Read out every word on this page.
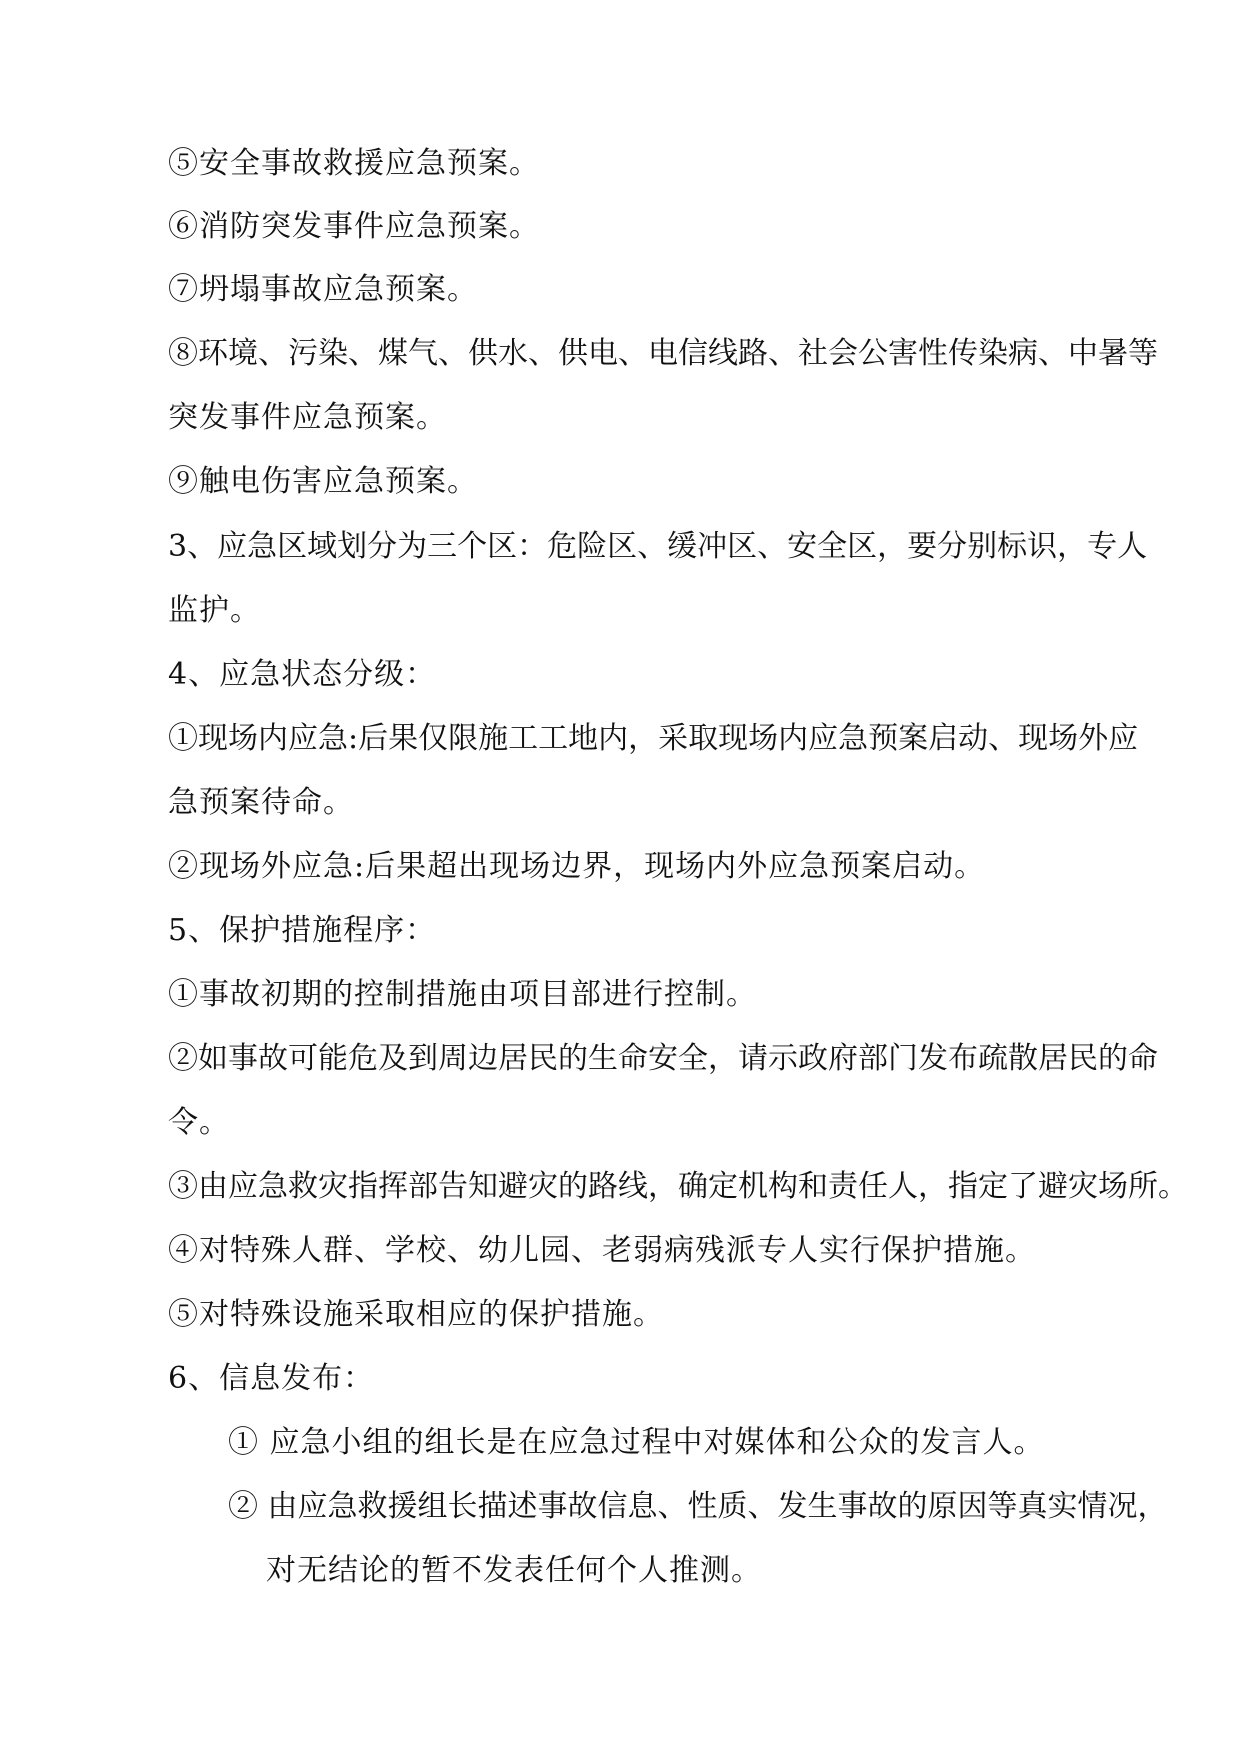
⑤安全事故救援应急预案。
⑥消防突发事件应急预案。
⑦坍塌事故应急预案。
⑧环境、污染、煤气、供水、供电、电信线路、社会公害性传染病、中暑等
突发事件应急预案。
⑨触电伤害应急预案。
3、应急区域划分为三个区：危险区、缓冲区、安全区，要分别标识，专人
监护。
4、应急状态分级：
①现场内应急:后果仅限施工工地内，采取现场内应急预案启动、现场外应
急预案待命。
②现场外应急:后果超出现场边界，现场内外应急预案启动。
5、保护措施程序：
①事故初期的控制措施由项目部进行控制。
②如事故可能危及到周边居民的生命安全，请示政府部门发布疏散居民的命
令。
③由应急救灾指挥部告知避灾的路线，确定机构和责任人，指定了避灾场所。
④对特殊人群、学校、幼儿园、老弱病残派专人实行保护措施。
⑤对特殊设施采取相应的保护措施。
6、信息发布：
① 应急小组的组长是在应急过程中对媒体和公众的发言人。
② 由应急救援组长描述事故信息、性质、发生事故的原因等真实情况，
对无结论的暂不发表任何个人推测。
